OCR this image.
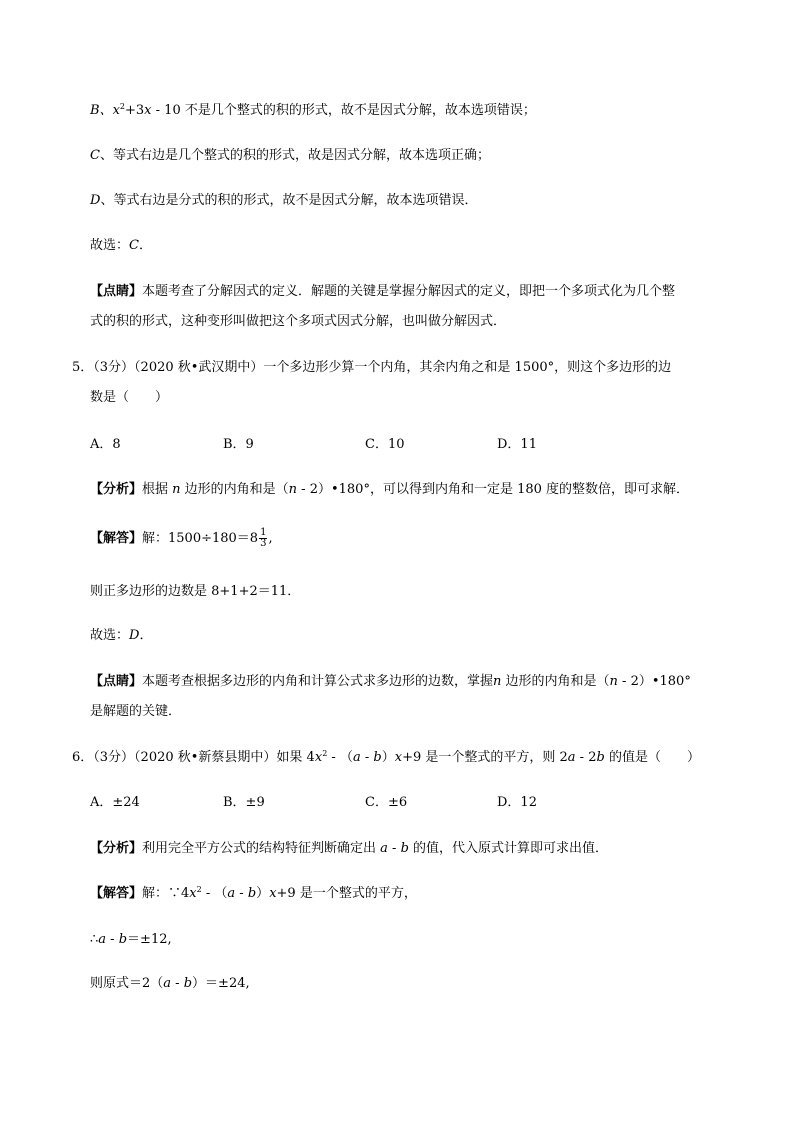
B、$x^2+3x - 10$ 不是几个整式的积的形式，故不是因式分解，故本选项错误；
C、等式右边是几个整式的积的形式，故是因式分解，故本选项正确；
D、等式右边是分式的积的形式，故不是因式分解，故本选项错误．
故选：C．
【点睛】本题考查了分解因式的定义．解题的关键是掌握分解因式的定义，即把一个多项式化为几个整
式的积的形式，这种变形叫做把这个多项式因式分解，也叫做分解因式．
5．（3分）（2020 秋•武汉期中）一个多边形少算一个内角，其余内角之和是 1500°，则这个多边形的边
数是（　　）
A．8	B．9	C．10	D．11
【分析】根据 n 边形的内角和是（n - 2）•180°，可以得到内角和一定是 180 度的整数倍，即可求解．
【解答】解：$1500\div 180=8 \frac{1}{3}$ ,
则正多边形的边数是 8+1+2＝11．
故选：D．
【点睛】本题考查根据多边形的内角和计算公式求多边形的边数，掌握n 边形的内角和是（n - 2）•180°
是解题的关键．
6．（3分）（2020 秋•新蔡县期中）如果 $4x^2 - (a - b)x+9$ 是一个整式的平方，则 2a - 2b 的值是（　　）
A．±24	B．±9	C．±6	D．12
【分析】利用完全平方公式的结构特征判断确定出 a - b 的值，代入原式计算即可求出值．
【解答】解：$\because 4x^2 - (a - b)x+9$ 是一个整式的平方，
∴a - b＝±12,
则原式＝2（a - b）＝±24,
